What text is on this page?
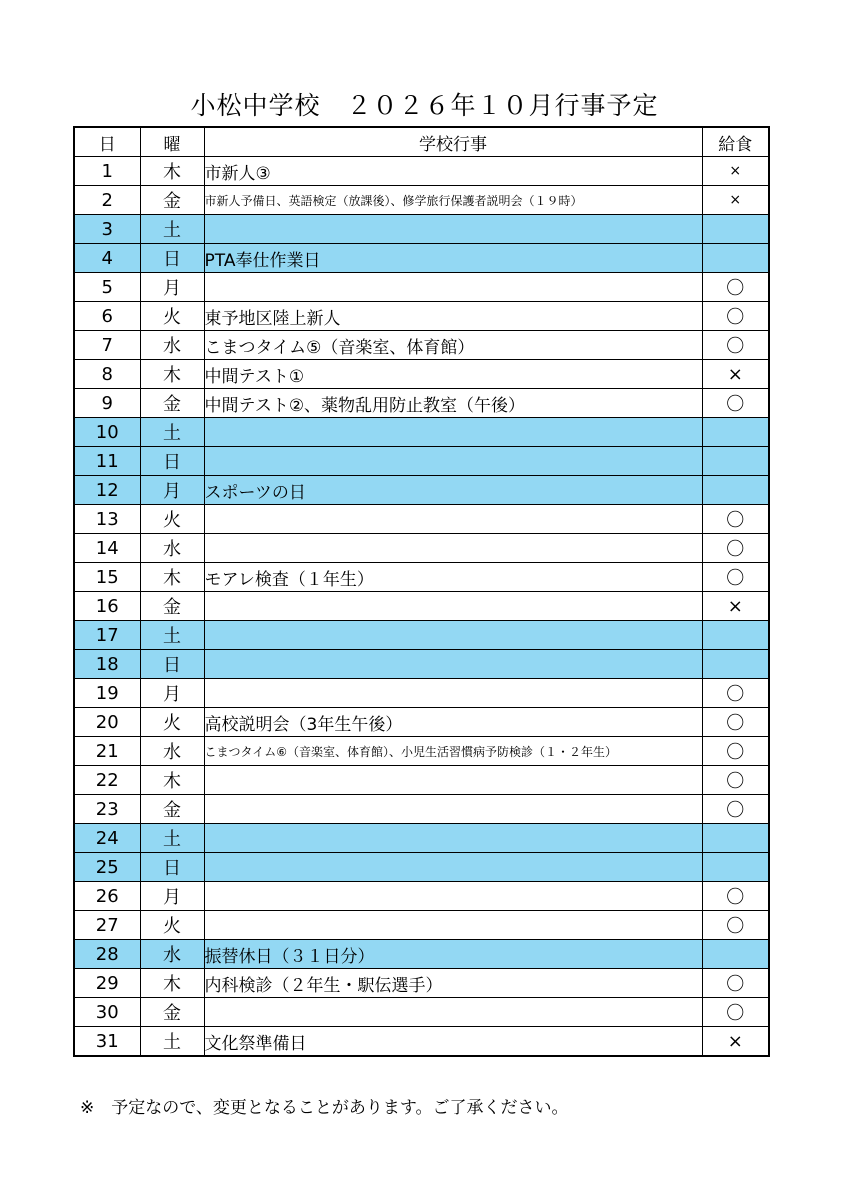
小松中学校　２０２６年１０月行事予定
日	曜	学校行事	給食
1	木	市新人③	×
2	金	市新人予備日、英語検定（放課後）、修学旅行保護者説明会（１９時）	×
3	土		
4	日	PTA奉仕作業日	
5	月		〇
6	火	東予地区陸上新人	〇
7	水	こまつタイム⑤（音楽室、体育館）	〇
8	木	中間テスト①	×
9	金	中間テスト②、薬物乱用防止教室（午後）	〇
10	土		
11	日		
12	月	スポーツの日	
13	火		〇
14	水		〇
15	木	モアレ検査（１年生）	〇
16	金		×
17	土		
18	日		
19	月		〇
20	火	高校説明会（3年生午後）	〇
21	水	こまつタイム⑥（音楽室、体育館）、小児生活習慣病予防検診（１・２年生）	〇
22	木		〇
23	金		〇
24	土		
25	日		
26	月		〇
27	火		〇
28	水	振替休日（３１日分）	
29	木	内科検診（２年生・駅伝選手）	〇
30	金		〇
31	土	文化祭準備日	×
※　予定なので、変更となることがあります。ご了承ください。
